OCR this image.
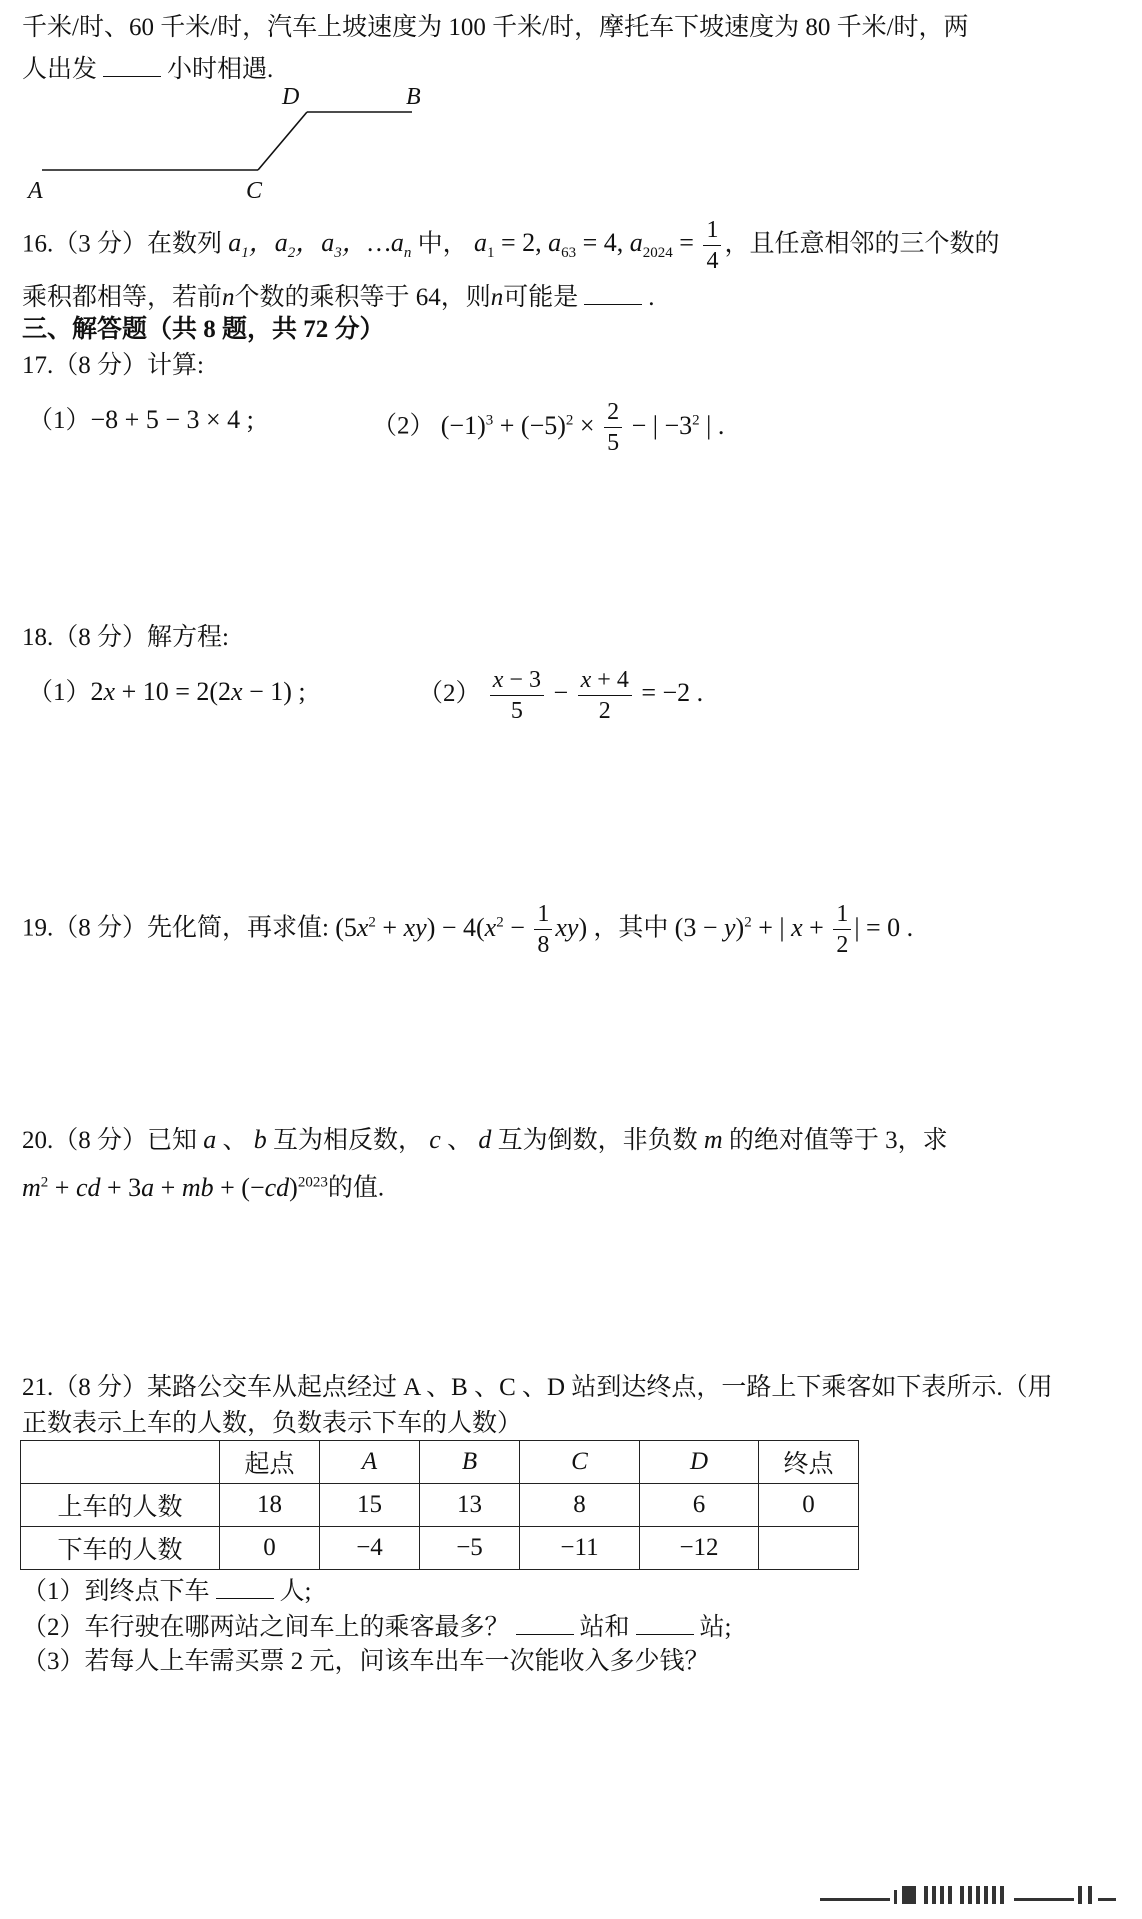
千米/时、60 千米/时，汽车上坡速度为 100 千米/时，摩托车下坡速度为 80 千米/时，两
人出发	小时相遇.
A	C
D	B
16.（3 分）在数列 $a_1$，$a_2$，$a_3$，$\dots a_n$ 中， $a_1 = 2$, $a_{63} = 4$, $a_{2024} = \frac{1}{4}$ ，且任意相邻的三个数的
乘积都相等，若前n个数的乘积等于 64，则n可能是	.
三、解答题（共 8 题，共 72 分）
17.（8 分）计算:
（1）−8 + 5 − 3 × 4 ;	（2） $(-1)^3 + (-5)^2 \times \frac{2}{5}$ − | $-3^2$ | .
18.（8 分）解方程:
（1）2x + 10 = 2(2x − 1) ;	$(2) \frac{x - 3}{5} - \frac{x + 4}{2} = -2$ .
19.（8 分）先化简，再求值: $(5x^2 + xy) - 4(x^2 - \frac{1}{8} xy)$ ，其中 $(3 - y)^2$ + | $x + \frac{1}{2}$ | = 0 .
20.（8 分）已知 a 、 b 互为相反数， c 、 d 互为倒数，非负数 m 的绝对值等于 3，求
$m^2$ + cd + 3a + mb + $(-cd)^{2023}$的值.
21.（8 分）某路公交车从起点经过 A 、B 、C 、D 站到达终点，一路上下乘客如下表所示.（用
正数表示上车的人数，负数表示下车的人数）
	起点	A	B	C	D	终点
上车的人数	18	15	13	8	6	0
下车的人数	0	−4	−5	−11	−12	
（1）到终点下车	人;
（2）车行驶在哪两站之间车上的乘客最多？	站和	站;
（3）若每人上车需买票 2 元，问该车出车一次能收入多少钱？
